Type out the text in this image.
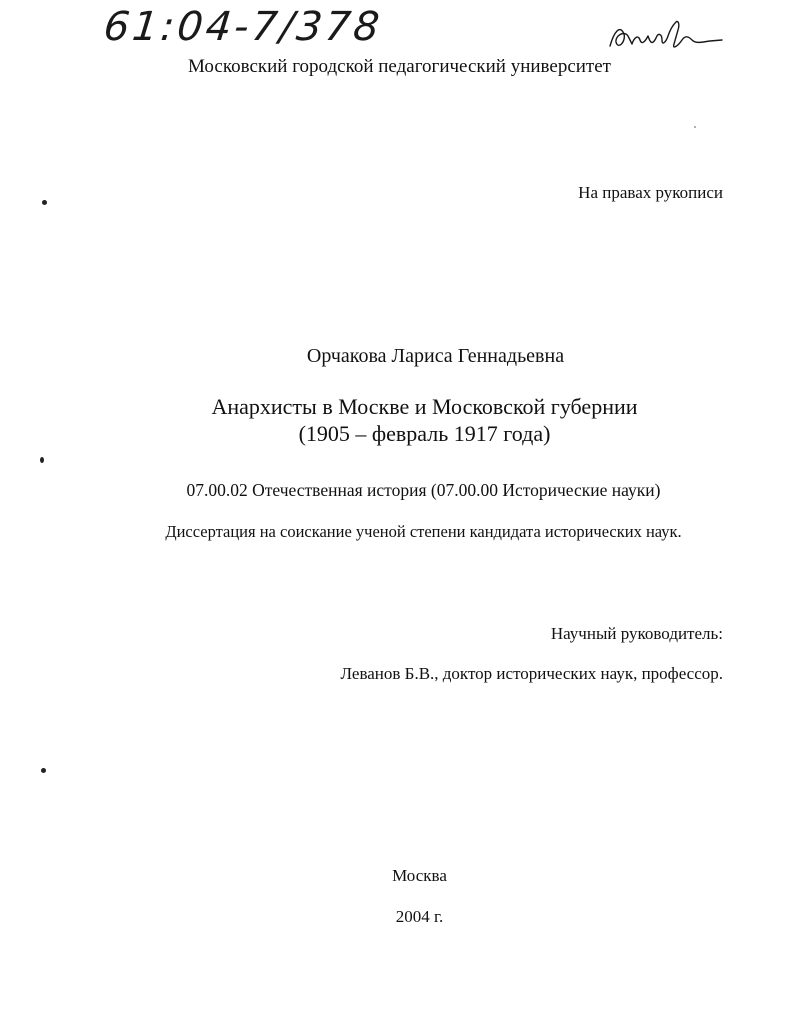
61:04-7/378
Московский городской педагогический университет
На правах рукописи
Орчакова Лариса Геннадьевна
Анархисты в Москве и Московской губернии
(1905 – февраль 1917 года)
07.00.02 Отечественная история (07.00.00 Исторические науки)
Диссертация на соискание ученой степени кандидата исторических наук.
Научный руководитель:
Леванов Б.В., доктор исторических наук, профессор.
Москва
2004 г.
